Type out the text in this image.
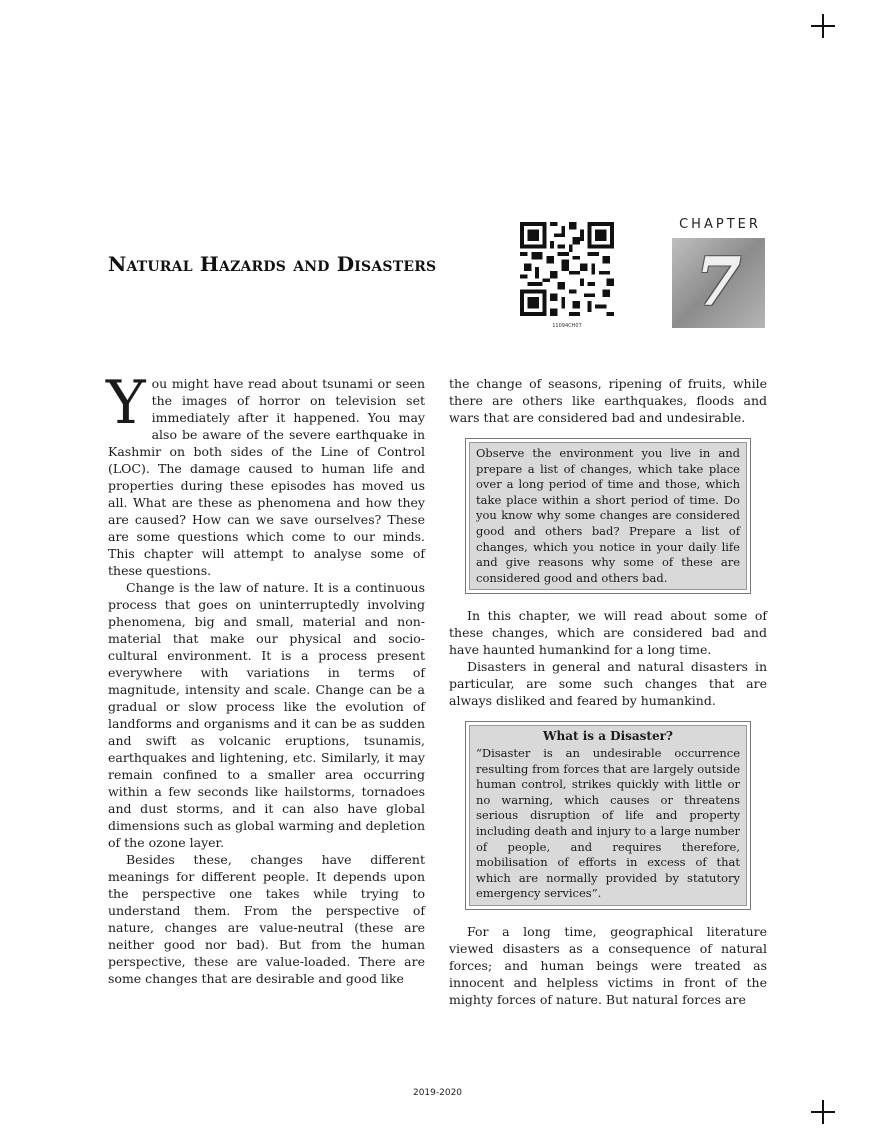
Natural Hazards and Disasters
11094CH07
CHAPTER
7

You might have read about tsunami or seen the images of horror on television set immediately after it happened. You may also be aware of the severe earthquake in Kashmir on both sides of the Line of Control (LOC). The damage caused to human life and properties during these episodes has moved us all. What are these as phenomena and how they are caused? How can we save ourselves? These are some questions which come to our minds. This chapter will attempt to analyse some of these questions.

Change is the law of nature. It is a continuous process that goes on uninterruptedly involving phenomena, big and small, material and non-material that make our physical and socio-cultural environment. It is a process present everywhere with variations in terms of magnitude, intensity and scale. Change can be a gradual or slow process like the evolution of landforms and organisms and it can be as sudden and swift as volcanic eruptions, tsunamis, earthquakes and lightening, etc. Similarly, it may remain confined to a smaller area occurring within a few seconds like hailstorms, tornadoes and dust storms, and it can also have global dimensions such as global warming and depletion of the ozone layer.

Besides these, changes have different meanings for different people. It depends upon the perspective one takes while trying to understand them. From the perspective of nature, changes are value-neutral (these are neither good nor bad). But from the human perspective, these are value-loaded. There are some changes that are desirable and good like

the change of seasons, ripening of fruits, while there are others like earthquakes, floods and wars that are considered bad and undesirable.

Observe the environment you live in and prepare a list of changes, which take place over a long period of time and those, which take place within a short period of time. Do you know why some changes are considered good and others bad? Prepare a list of changes, which you notice in your daily life and give reasons why some of these are considered good and others bad.

In this chapter, we will read about some of these changes, which are considered bad and have haunted humankind for a long time.

Disasters in general and natural disasters in particular, are some such changes that are always disliked and feared by humankind.

What is a Disaster?
“Disaster is an undesirable occurrence resulting from forces that are largely outside human control, strikes quickly with little or no warning, which causes or threatens serious disruption of life and property including death and injury to a large number of people, and requires therefore, mobilisation of efforts in excess of that which are normally provided by statutory emergency services”.

For a long time, geographical literature viewed disasters as a consequence of natural forces; and human beings were treated as innocent and helpless victims in front of the mighty forces of nature. But natural forces are

2019-2020
